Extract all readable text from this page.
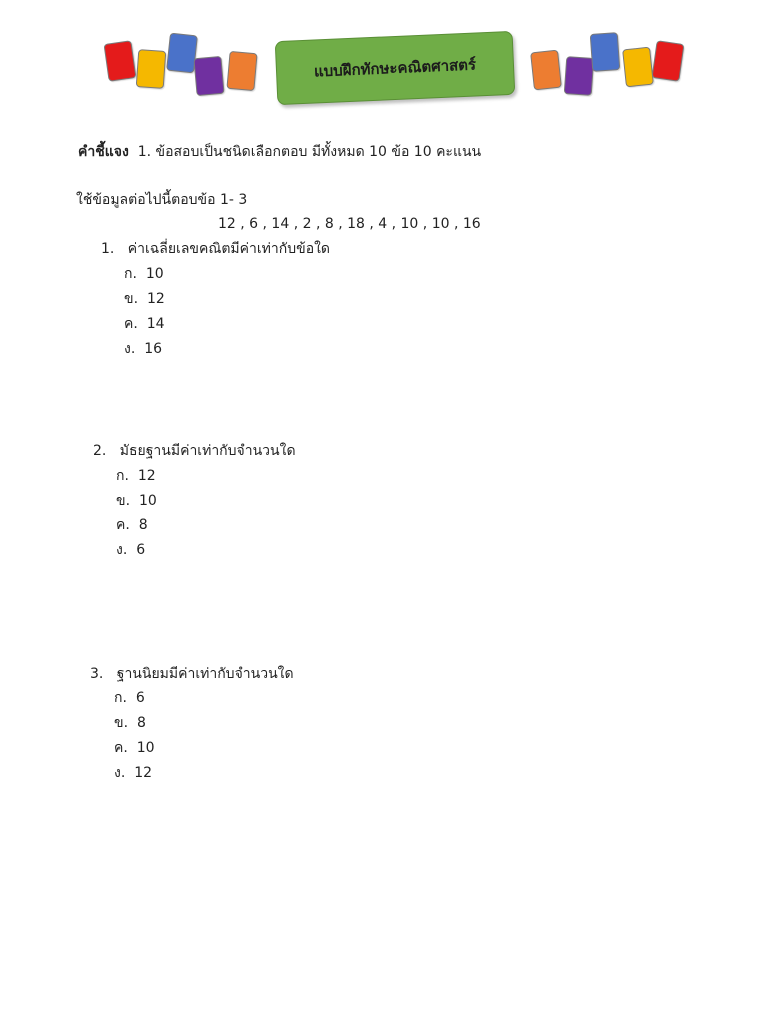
แบบฝึกทักษะคณิตศาสตร์
คำชี้แจง 1. ข้อสอบเป็นชนิดเลือกตอบ มีทั้งหมด 10 ข้อ 10 คะแนน
ใช้ข้อมูลต่อไปนี้ตอบข้อ 1- 3
12 , 6 , 14 , 2 , 8 , 18 , 4 , 10 , 10 , 16
1. ค่าเฉลี่ยเลขคณิตมีค่าเท่ากับข้อใด
ก. 10
ข. 12
ค. 14
ง. 16
2. มัธยฐานมีค่าเท่ากับจำนวนใด
ก. 12
ข. 10
ค. 8
ง. 6
3. ฐานนิยมมีค่าเท่ากับจำนวนใด
ก. 6
ข. 8
ค. 10
ง. 12
